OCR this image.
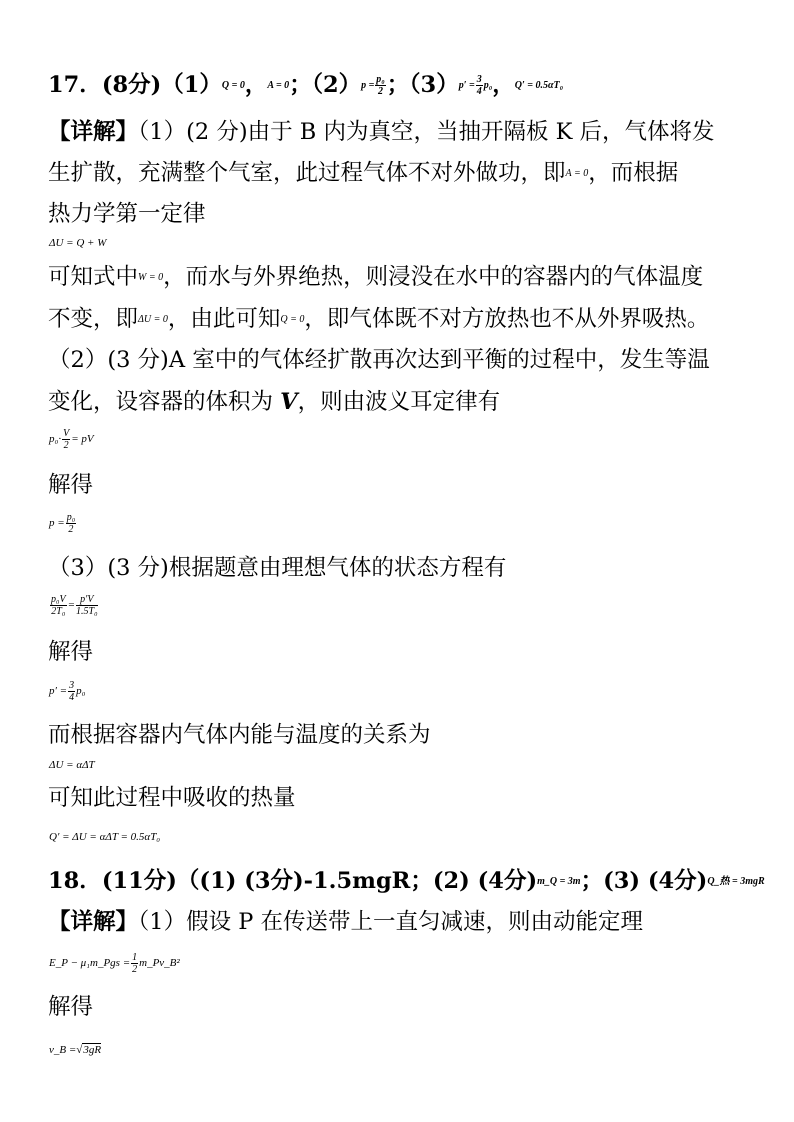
17．(8分)（1）Q = 0，A = 0；$(2)p = \frac{\text{p₀}}{2}$ ；$(3)p' = \frac{3}{4} p_0$，Q′ = 0.5αT₀
【详解】（1）(2 分)由于 B 内为真空，当抽开隔板 K 后，气体将发
生扩散，充满整个气室，此过程气体不对外做功，即A = 0，而根据
热力学第一定律
ΔU = Q + W
可知式中W = 0，而水与外界绝热，则浸没在水中的容器内的气体温度
不变，即ΔU = 0，由此可知Q = 0，即气体既不对方放热也不从外界吸热。
（2）(3 分)A 室中的气体经扩散再次达到平衡的过程中，发生等温
变化，设容器的体积为 V，则由波义耳定律有
$p_0\cdot \frac{V}{2}$ = pV
解得
$p = \frac{\text{p₀}}{2}$
（3）(3 分)根据题意由理想气体的状态方程有
$\frac{\text{p₀V}}{\text{2T₀}} = \frac{p'V}{\text{1.5T₀}}$
解得
$p' = \frac{3}{4} p_0$
而根据容器内气体内能与温度的关系为
ΔU = αΔT
可知此过程中吸收的热量
Q′ = ΔU = αΔT = 0.5αT₀
18．(11分)（(1) (3分)-1.5mgR；(2) (4分)m_Q = 3m；(3) (4分)Q_热 = 3mgR
【详解】（1）假设 P 在传送带上一直匀减速，则由动能定理
E_P − μ₁m_Pgs = $\frac{1}{2}$ m_Pv_B²
解得
v_B =√3gR
